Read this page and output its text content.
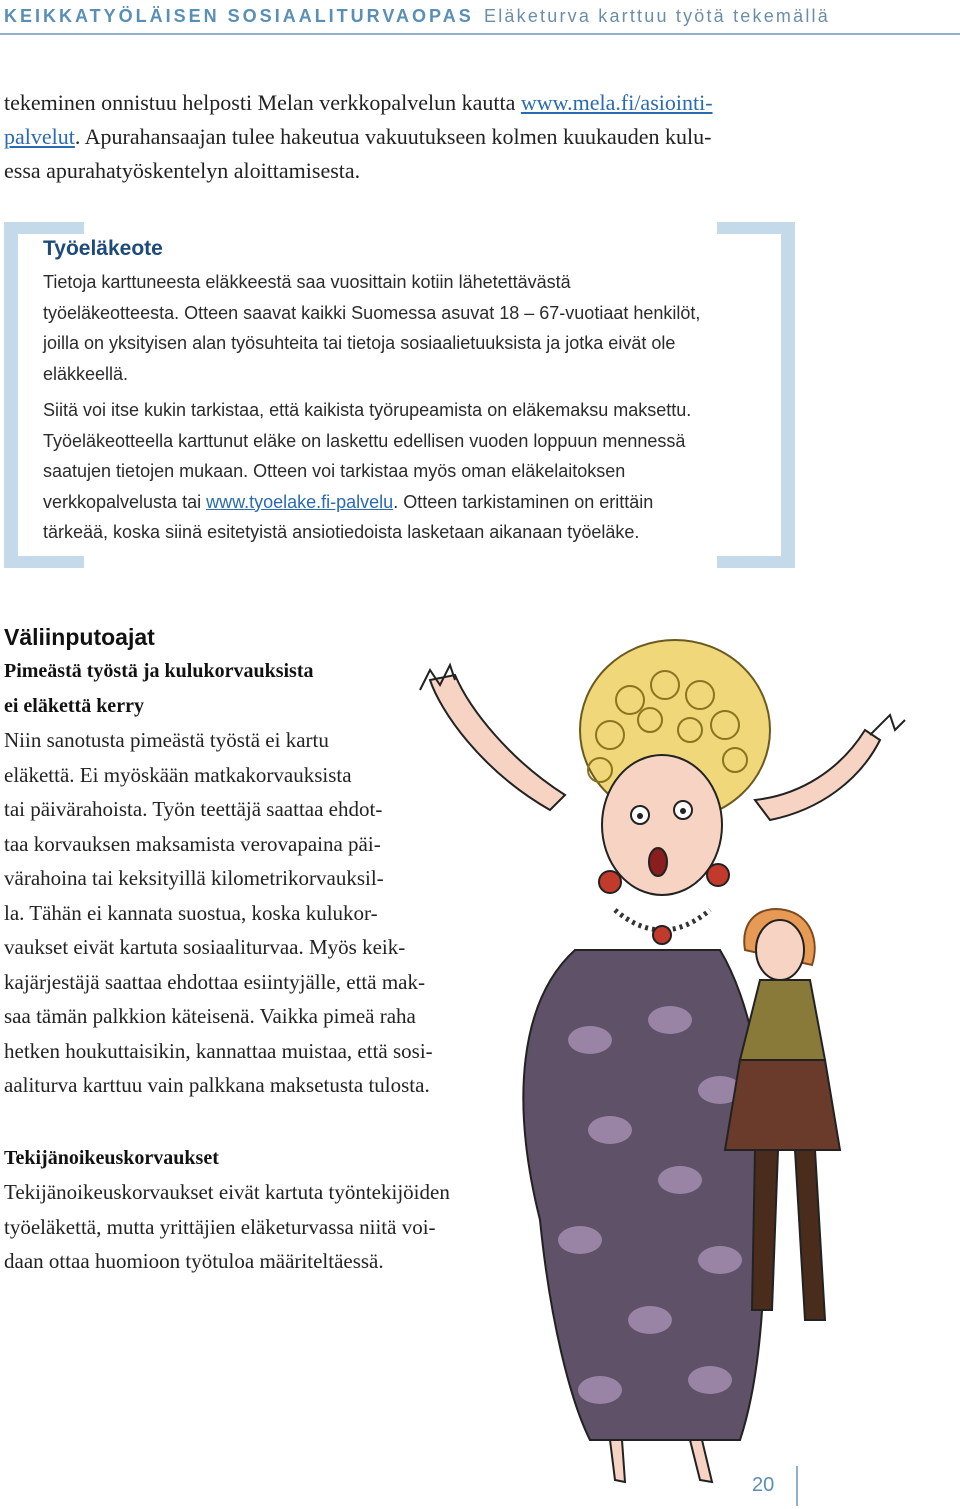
KEIKKATYÖLÄISEN SOSIAALITURVAOPAS Eläketurva karttuu työtä tekemällä
tekeminen onnistuu helposti Melan verkkopalvelun kautta www.mela.fi/asiointi-
palvelut. Apurahansaajan tulee hakeutua vakuutukseen kolmen kuukauden kulu-
essa apurahatyöskentelyn aloittamisesta.
Työeläkeote

Tietoja karttuneesta eläkkeestä saa vuosittain kotiin lähetettävästä
työeläkeotteesta. Otteen saavat kaikki Suomessa asuvat 18 – 67-vuotiaat henkilöt,
joilla on yksityisen alan työsuhteita tai tietoja sosiaalietuuksista ja jotka eivät ole
eläkkeellä.

Siitä voi itse kukin tarkistaa, että kaikista työrupeamista on eläkemaksu maksettu.
Työeläkeotteella karttunut eläke on laskettu edellisen vuoden loppuun mennessä
saatujen tietojen mukaan. Otteen voi tarkistaa myös oman eläkelaitoksen
verkkopalvelusta tai www.tyoelake.fi-palvelu. Otteen tarkistaminen on erittäin
tärkeää, koska siinä esitetyistä ansiotiedoista lasketaan aikanaan työeläke.

Väliinputoajat
Pimeästä työstä ja kulukorvauksista
ei eläkettä kerry

Niin sanotusta pimeästä työstä ei kartu
eläkettä. Ei myöskään matkakorvauksista
tai päivärahoista. Työn teettäjä saattaa ehdot-
taa korvauksen maksamista verovapaina päi-
värahoina tai keksityillä kilometrikorvauksil-
la. Tähän ei kannata suostua, koska kulukor-
vaukset eivät kartuta sosiaaliturvaa. Myös keik-
kajärjestäjä saattaa ehdottaa esiintyjälle, että mak-
saa tämän palkkion käteisenä. Vaikka pimeä raha
hetken houkuttaisikin, kannattaa muistaa, että sosi-
aaliturva karttuu vain palkkana maksetusta tulosta.

Tekijänoikeuskorvaukset

Tekijänoikeuskorvaukset eivät kartuta työntekijöiden
työeläkettä, mutta yrittäjien eläketurvassa niitä voi-
daan ottaa huomioon työtuloa määriteltäessä.

20
